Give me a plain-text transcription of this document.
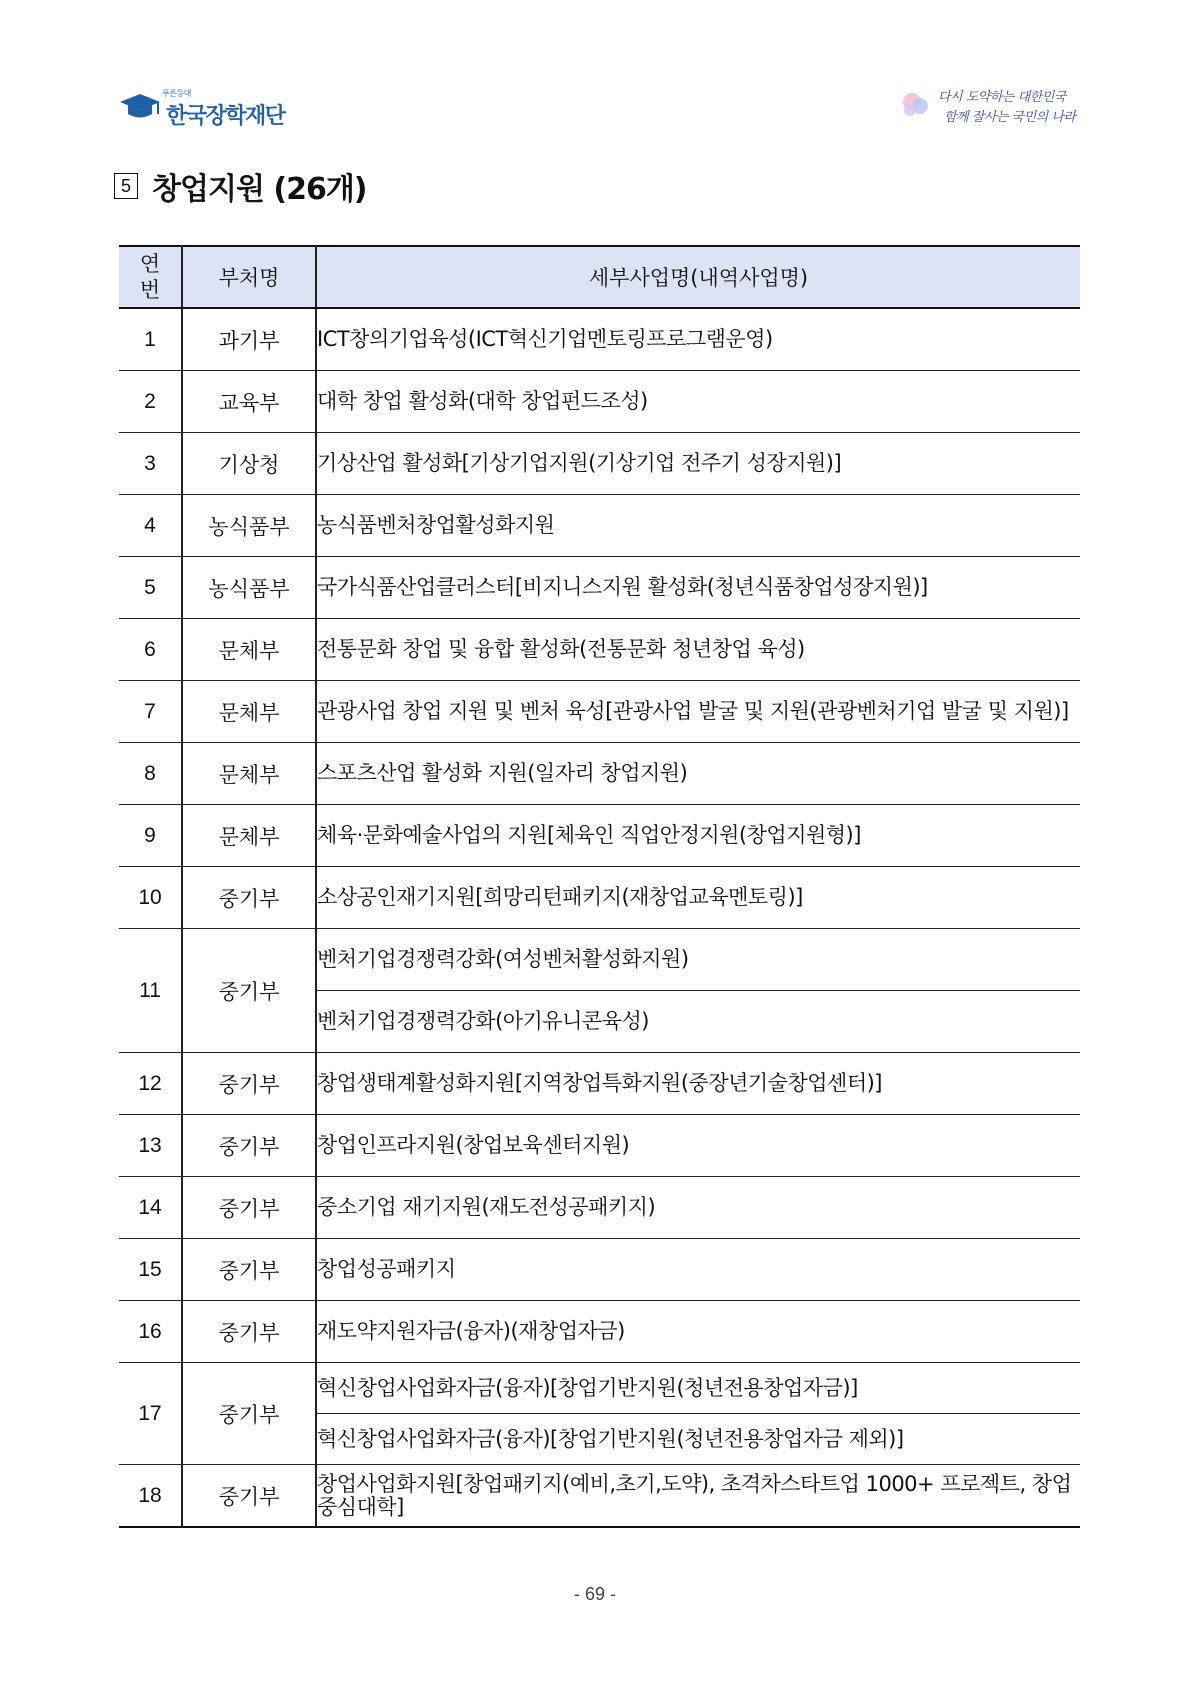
푸른등대
한국장학재단
다시 도약하는 대한민국
함께 잘사는 국민의 나라
5 창업지원 (26개)
연
번	부처명	세부사업명(내역사업명)
1	과기부	ICT창의기업육성(ICT혁신기업멘토링프로그램운영)
2	교육부	대학 창업 활성화(대학 창업펀드조성)
3	기상청	기상산업 활성화[기상기업지원(기상기업 전주기 성장지원)]
4	농식품부	농식품벤처창업활성화지원
5	농식품부	국가식품산업클러스터[비지니스지원 활성화(청년식품창업성장지원)]
6	문체부	전통문화 창업 및 융합 활성화(전통문화 청년창업 육성)
7	문체부	관광사업 창업 지원 및 벤처 육성[관광사업 발굴 및 지원(관광벤처기업 발굴 및 지원)]
8	문체부	스포츠산업 활성화 지원(일자리 창업지원)
9	문체부	체육·문화예술사업의 지원[체육인 직업안정지원(창업지원형)]
10	중기부	소상공인재기지원[희망리턴패키지(재창업교육멘토링)]
11	중기부	벤처기업경쟁력강화(여성벤처활성화지원)
		벤처기업경쟁력강화(아기유니콘육성)
12	중기부	창업생태계활성화지원[지역창업특화지원(중장년기술창업센터)]
13	중기부	창업인프라지원(창업보육센터지원)
14	중기부	중소기업 재기지원(재도전성공패키지)
15	중기부	창업성공패키지
16	중기부	재도약지원자금(융자)(재창업자금)
17	중기부	혁신창업사업화자금(융자)[창업기반지원(청년전용창업자금)]
		혁신창업사업화자금(융자)[창업기반지원(청년전용창업자금 제외)]
18	중기부	창업사업화지원[창업패키지(예비,초기,도약), 초격차스타트업 1000+ 프로젝트, 창업중심대학]
- 69 -
